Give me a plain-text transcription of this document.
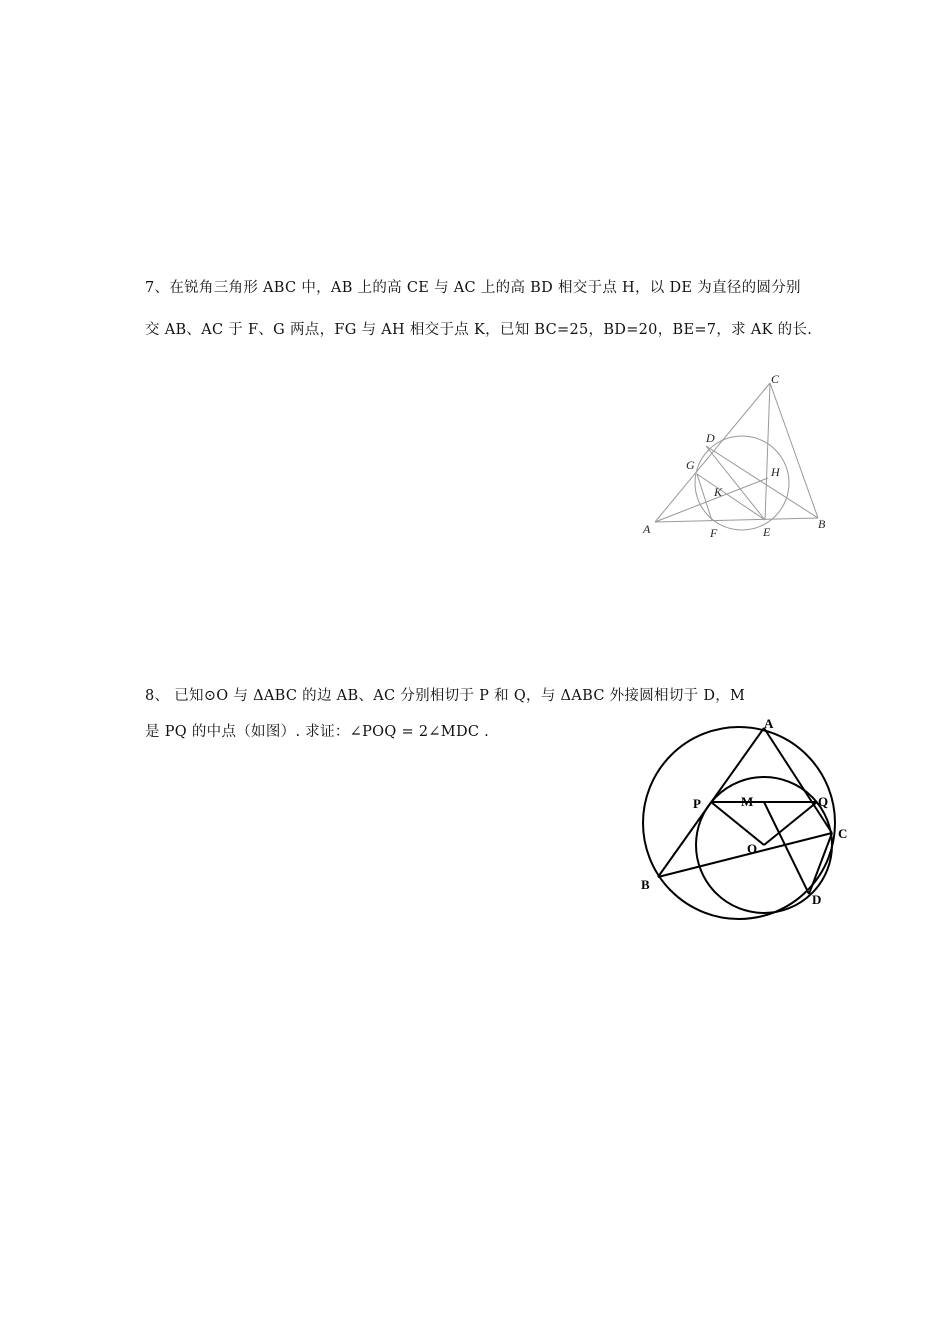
7、在锐角三角形 ABC 中，AB 上的高 CE 与 AC 上的高 BD 相交于点 H，以 DE 为直径的圆分别
交 AB、AC 于 F、G 两点，FG 与 AH 相交于点 K，已知 BC=25，BD=20，BE=7，求 AK 的长.
C
D
G	H
K
A	F	E
B
8、 已知⊙O 与 ΔABC 的边 AB、AC 分别相切于 P 和 Q，与 ΔABC 外接圆相切于 D，M
是 PQ 的中点（如图）. 求证：∠POQ = 2∠MDC .
A
P	M	Q
C
O
B
D
